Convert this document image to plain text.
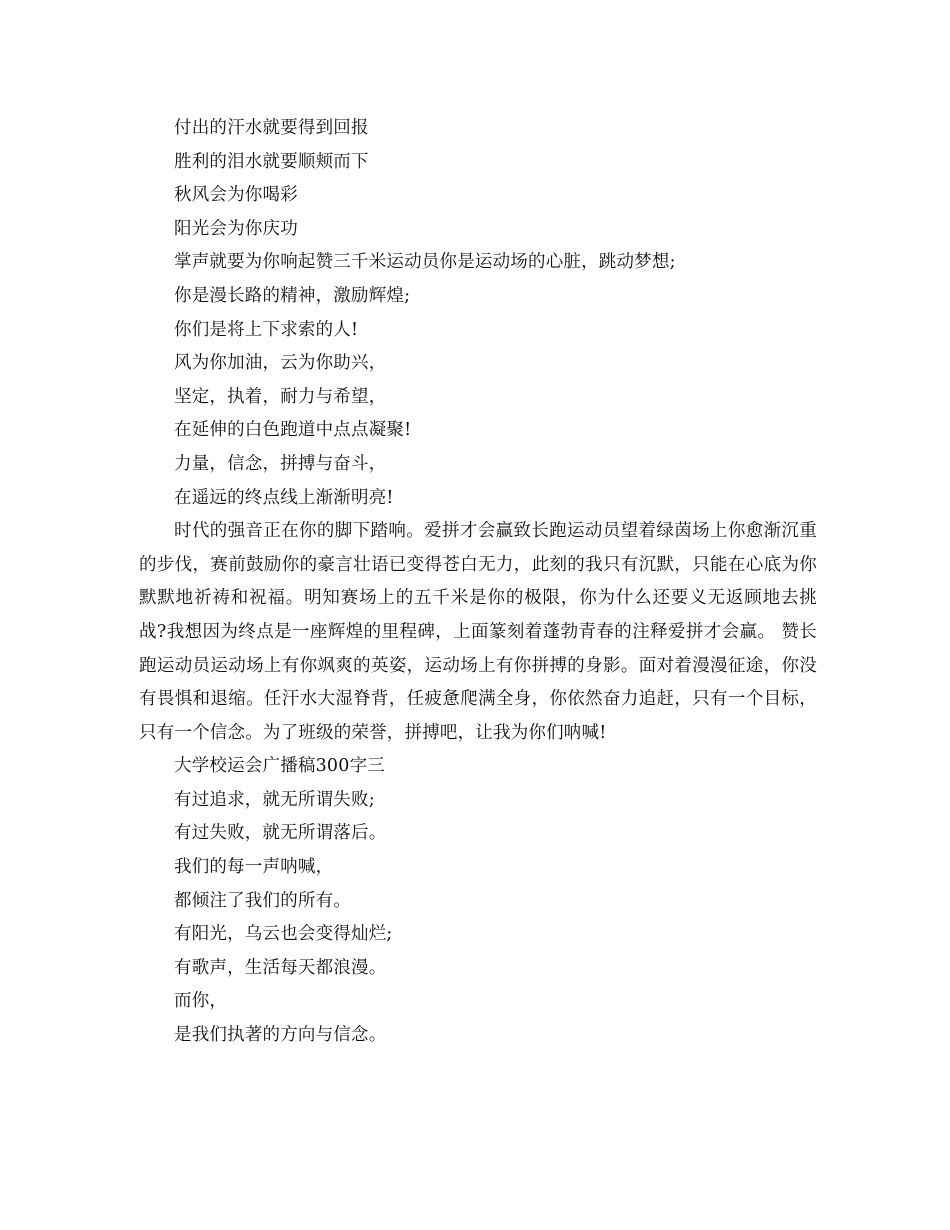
付出的汗水就要得到回报
胜利的泪水就要顺颊而下
秋风会为你喝彩
阳光会为你庆功
掌声就要为你响起赞三千米运动员你是运动场的心脏，跳动梦想;
你是漫长路的精神，激励辉煌;
你们是将上下求索的人!
风为你加油，云为你助兴，
坚定，执着，耐力与希望，
在延伸的白色跑道中点点凝聚!
力量，信念，拼搏与奋斗，
在遥远的终点线上渐渐明亮!

时代的强音正在你的脚下踏响。爱拼才会赢致长跑运动员望着绿茵场上你愈渐沉重的步伐，赛前鼓励你的豪言壮语已变得苍白无力，此刻的我只有沉默，只能在心底为你默默地祈祷和祝福。明知赛场上的五千米是你的极限，你为什么还要义无返顾地去挑战?我想因为终点是一座辉煌的里程碑，上面篆刻着蓬勃青春的注释爱拼才会赢。 赞长跑运动员运动场上有你飒爽的英姿，运动场上有你拼搏的身影。面对着漫漫征途，你没有畏惧和退缩。任汗水大湿脊背，任疲惫爬满全身，你依然奋力追赶，只有一个目标，只有一个信念。为了班级的荣誉，拼搏吧，让我为你们呐喊!

大学校运会广播稿300字三
有过追求，就无所谓失败;
有过失败，就无所谓落后。
我们的每一声呐喊，
都倾注了我们的所有。
有阳光，乌云也会变得灿烂;
有歌声，生活每天都浪漫。
而你，
是我们执著的方向与信念。
